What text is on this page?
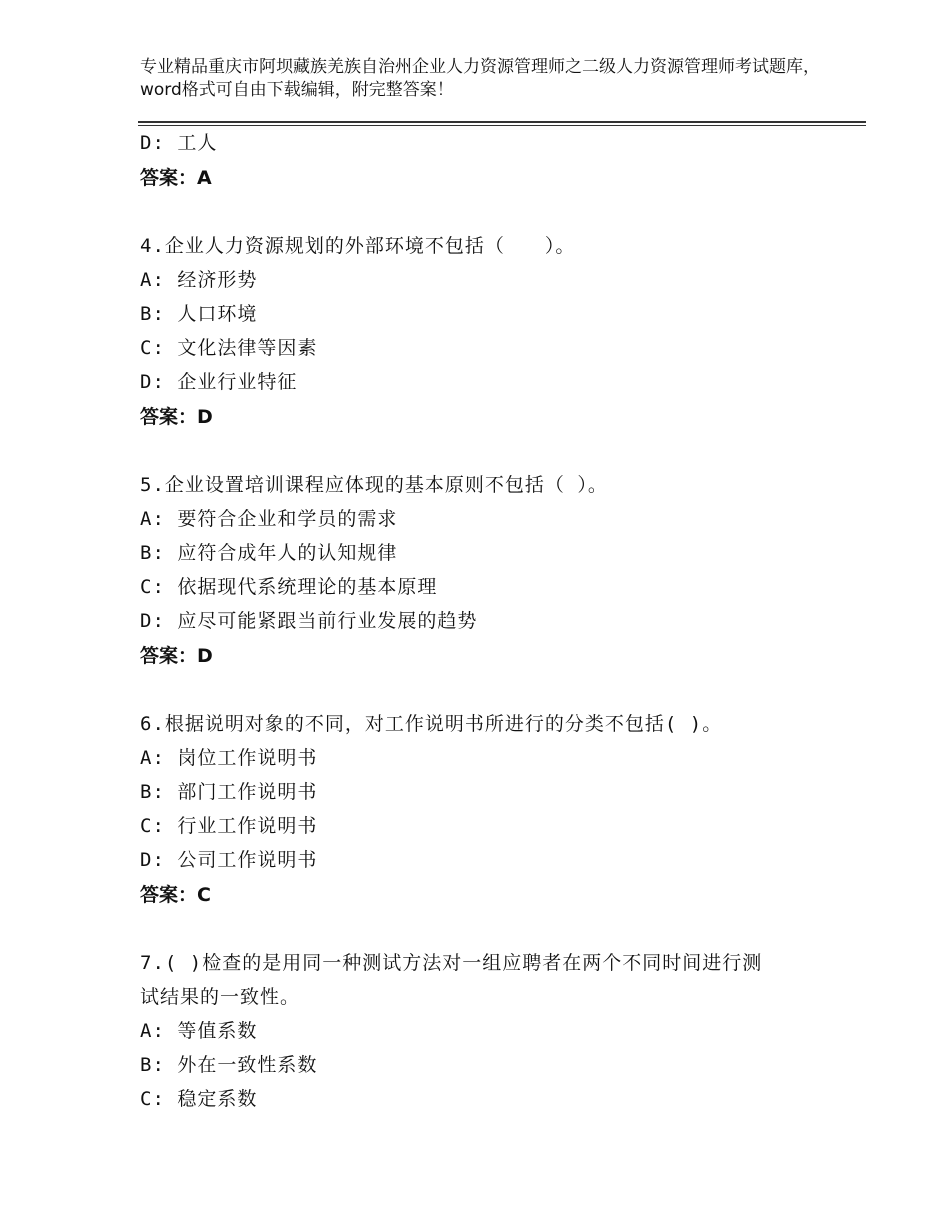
专业精品重庆市阿坝藏族羌族自治州企业人力资源管理师之二级人力资源管理师考试题库，word格式可自由下载编辑，附完整答案！
D: 工人
答案：A
4.企业人力资源规划的外部环境不包括（　　）。
A: 经济形势
B: 人口环境
C: 文化法律等因素
D: 企业行业特征
答案：D
5.企业设置培训课程应体现的基本原则不包括（ ）。
A: 要符合企业和学员的需求
B: 应符合成年人的认知规律
C: 依据现代系统理论的基本原理
D: 应尽可能紧跟当前行业发展的趋势
答案：D
6.根据说明对象的不同，对工作说明书所进行的分类不包括( )。
A: 岗位工作说明书
B: 部门工作说明书
C: 行业工作说明书
D: 公司工作说明书
答案：C
7.( )检查的是用同一种测试方法对一组应聘者在两个不同时间进行测
试结果的一致性。
A: 等值系数
B: 外在一致性系数
C: 稳定系数
